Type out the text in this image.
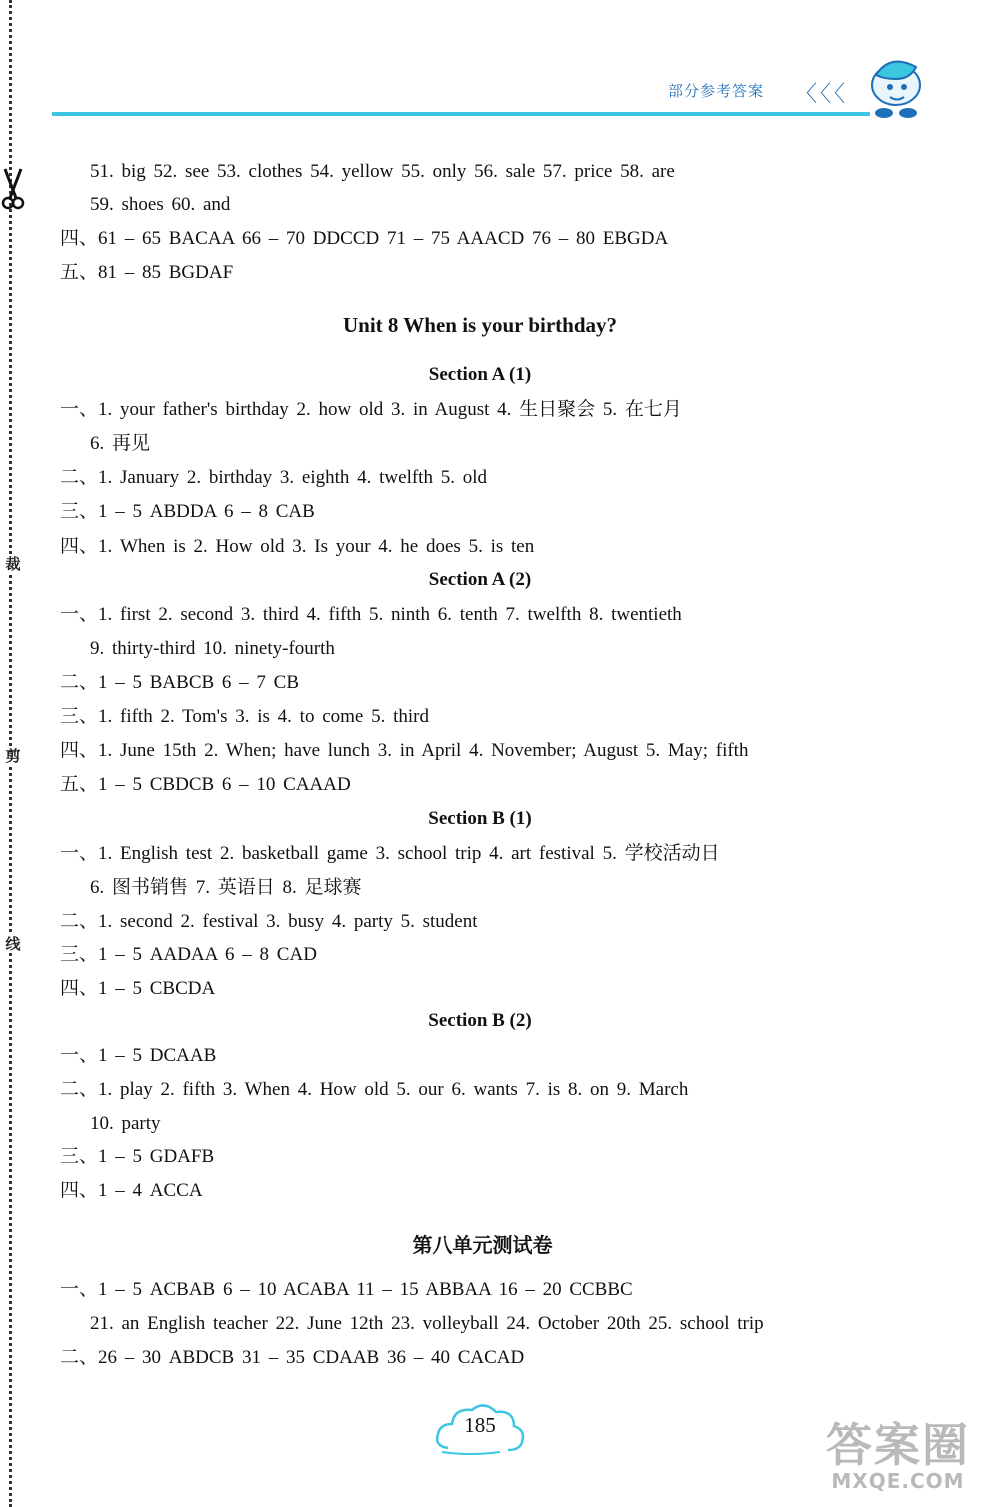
裁
剪
线
部分参考答案 〈〈〈
51. big 52. see 53. clothes 54. yellow 55. only 56. sale 57. price 58. are
59. shoes 60. and
四、61 – 65 BACAA 66 – 70 DDCCD 71 – 75 AAACD 76 – 80 EBGDA
五、81 – 85 BGDAF
Unit 8 When is your birthday?
Section A (1)
一、1. your father's birthday 2. how old 3. in August 4. 生日聚会 5. 在七月
6. 再见
二、1. January 2. birthday 3. eighth 4. twelfth 5. old
三、1 – 5 ABDDA 6 – 8 CAB
四、1. When is 2. How old 3. Is your 4. he does 5. is ten
Section A (2)
一、1. first 2. second 3. third 4. fifth 5. ninth 6. tenth 7. twelfth 8. twentieth
9. thirty-third 10. ninety-fourth
二、1 – 5 BABCB 6 – 7 CB
三、1. fifth 2. Tom's 3. is 4. to come 5. third
四、1. June 15th 2. When; have lunch 3. in April 4. November; August 5. May; fifth
五、1 – 5 CBDCB 6 – 10 CAAAD
Section B (1)
一、1. English test 2. basketball game 3. school trip 4. art festival 5. 学校活动日
6. 图书销售 7. 英语日 8. 足球赛
二、1. second 2. festival 3. busy 4. party 5. student
三、1 – 5 AADAA 6 – 8 CAD
四、1 – 5 CBCDA
Section B (2)
一、1 – 5 DCAAB
二、1. play 2. fifth 3. When 4. How old 5. our 6. wants 7. is 8. on 9. March
10. party
三、1 – 5 GDAFB
四、1 – 4 ACCA
第八单元测试卷
一、1 – 5 ACBAB 6 – 10 ACABA 11 – 15 ABBAA 16 – 20 CCBBC
21. an English teacher 22. June 12th 23. volleyball 24. October 20th 25. school trip
二、26 – 30 ABDCB 31 – 35 CDAAB 36 – 40 CACAD
185	答案圈
MXQE.COM
